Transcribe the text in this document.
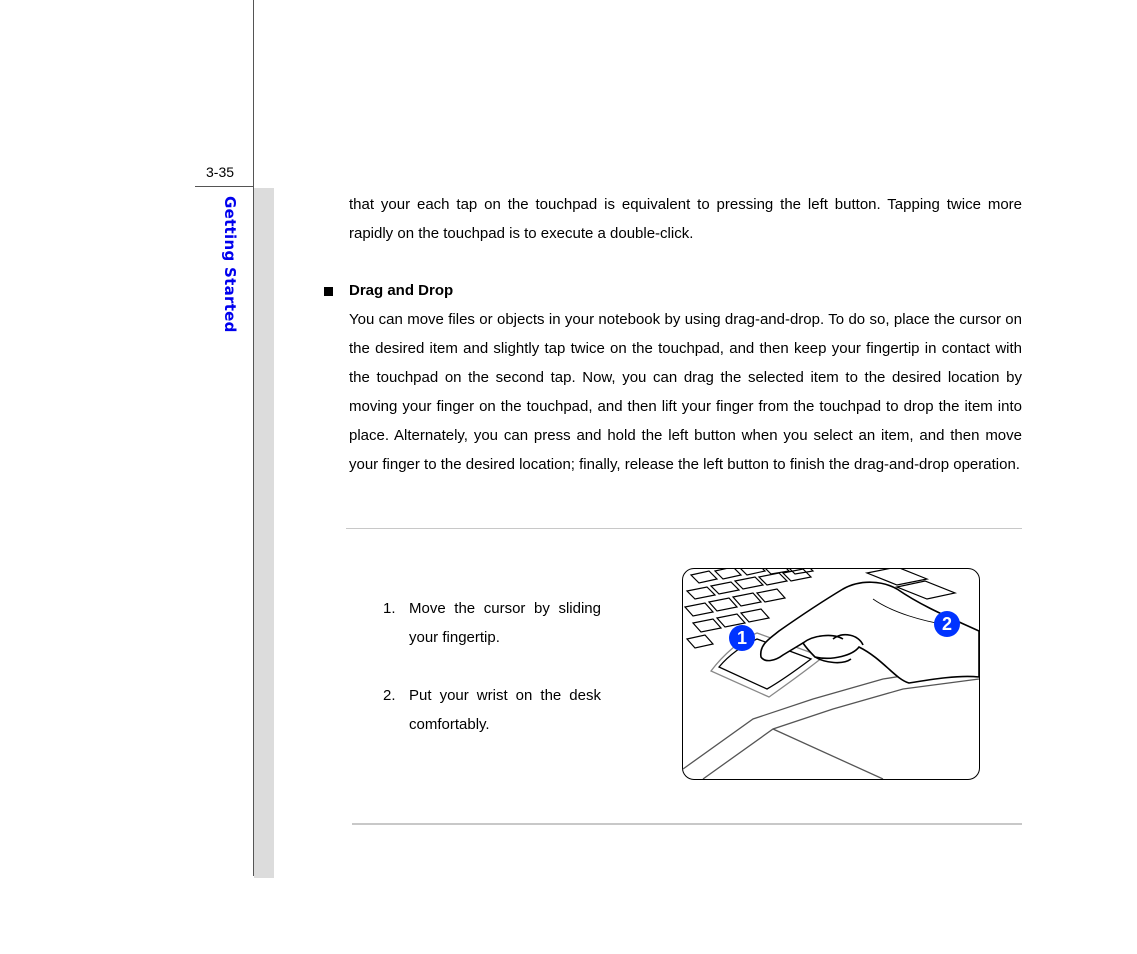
3-35
Getting Started	that your each tap on the touchpad is equivalent to pressing the left button. Tapping twice more rapidly on the touchpad is to execute a double-click.

Drag and Drop

You can move files or objects in your notebook by using drag-and-drop. To do so, place the cursor on the desired item and slightly tap twice on the touchpad, and then keep your fingertip in contact with the touchpad on the second tap. Now, you can drag the selected item to the desired location by moving your finger on the touchpad, and then lift your finger from the touchpad to drop the item into place. Alternately, you can press and hold the left button when you select an item, and then move your finger to the desired location; finally, release the left button to finish the drag-and-drop operation.

1. Move the cursor by sliding your fingertip.
2. Put your wrist on the desk comfortably.
1
2
